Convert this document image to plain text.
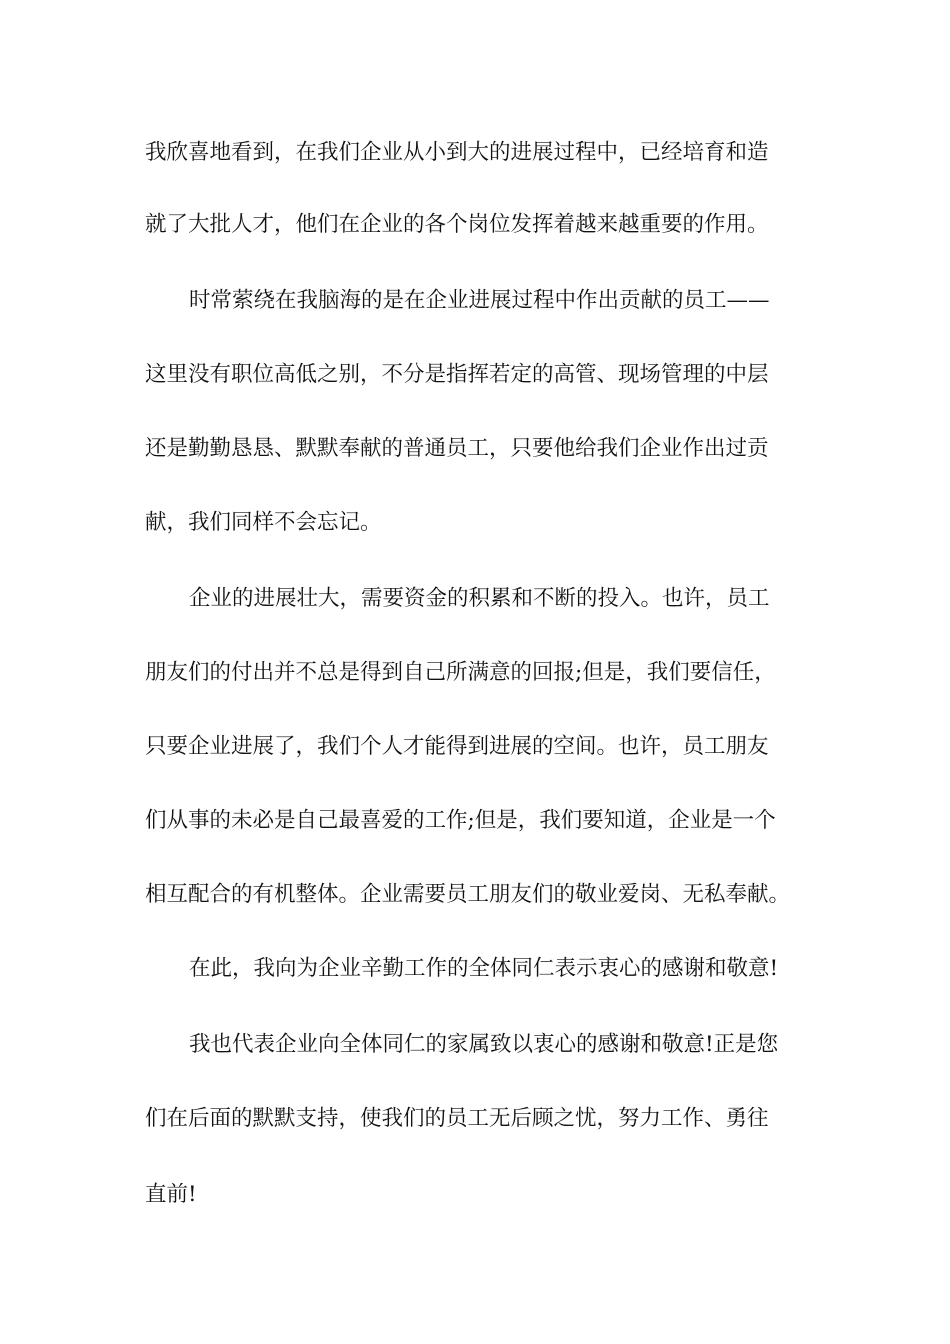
我欣喜地看到，在我们企业从小到大的进展过程中，已经培育和造

就了大批人才，他们在企业的各个岗位发挥着越来越重要的作用。

时常萦绕在我脑海的是在企业进展过程中作出贡献的员工——

这里没有职位高低之别，不分是指挥若定的高管、现场管理的中层

还是勤勤恳恳、默默奉献的普通员工，只要他给我们企业作出过贡

献，我们同样不会忘记。

企业的进展壮大，需要资金的积累和不断的投入。也许，员工

朋友们的付出并不总是得到自己所满意的回报;但是，我们要信任，

只要企业进展了，我们个人才能得到进展的空间。也许，员工朋友

们从事的未必是自己最喜爱的工作;但是，我们要知道，企业是一个

相互配合的有机整体。企业需要员工朋友们的敬业爱岗、无私奉献。

在此，我向为企业辛勤工作的全体同仁表示衷心的感谢和敬意!

我也代表企业向全体同仁的家属致以衷心的感谢和敬意!正是您

们在后面的默默支持，使我们的员工无后顾之忧，努力工作、勇往

直前!
